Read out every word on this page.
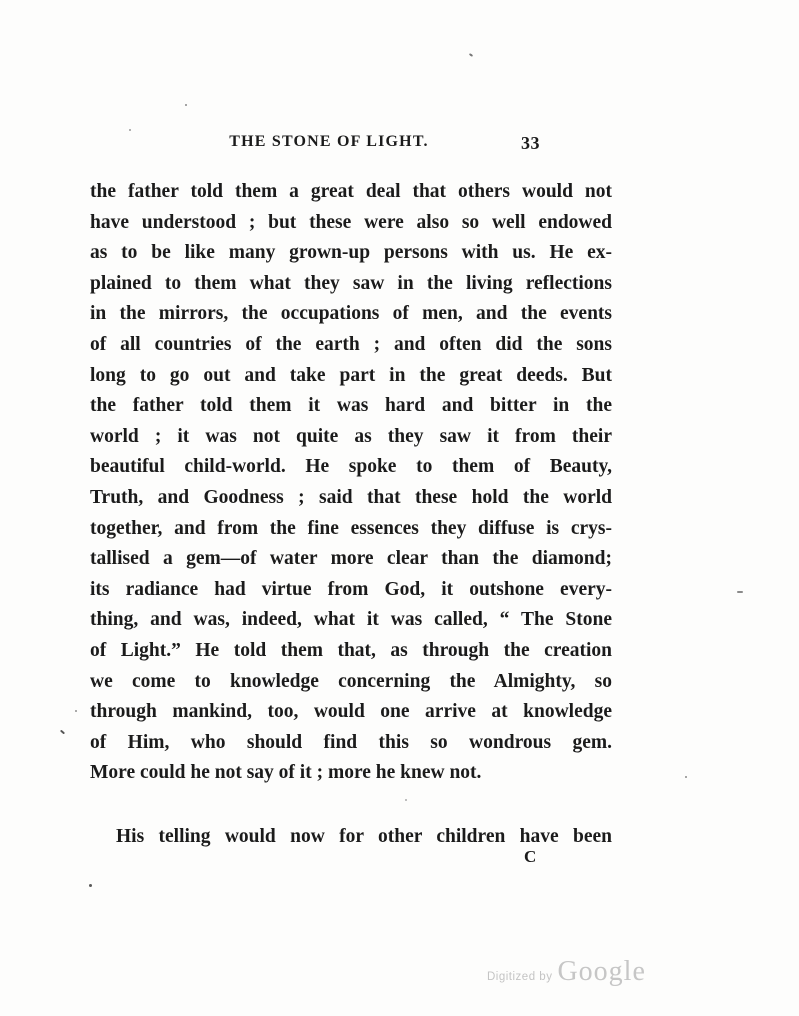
THE STONE OF LIGHT.	33
the father told them a great deal that others would not
have understood ; but these were also so well endowed
as to be like many grown-up persons with us. He ex-
plained to them what they saw in the living reflections
in the mirrors, the occupations of men, and the events
of all countries of the earth ; and often did the sons
long to go out and take part in the great deeds. But
the father told them it was hard and bitter in the
world ; it was not quite as they saw it from their
beautiful child-world. He spoke to them of Beauty,
Truth, and Goodness ; said that these hold the world
together, and from the fine essences they diffuse is crys-
tallised a gem—of water more clear than the diamond;
its radiance had virtue from God, it outshone every-
thing, and was, indeed, what it was called, “ The Stone
of Light.” He told them that, as through the creation
we come to knowledge concerning the Almighty, so
through mankind, too, would one arrive at knowledge
of Him, who should find this so wondrous gem.
More could he not say of it ; more he knew not.
His telling would now for other children have been
C
Digitized by Google
